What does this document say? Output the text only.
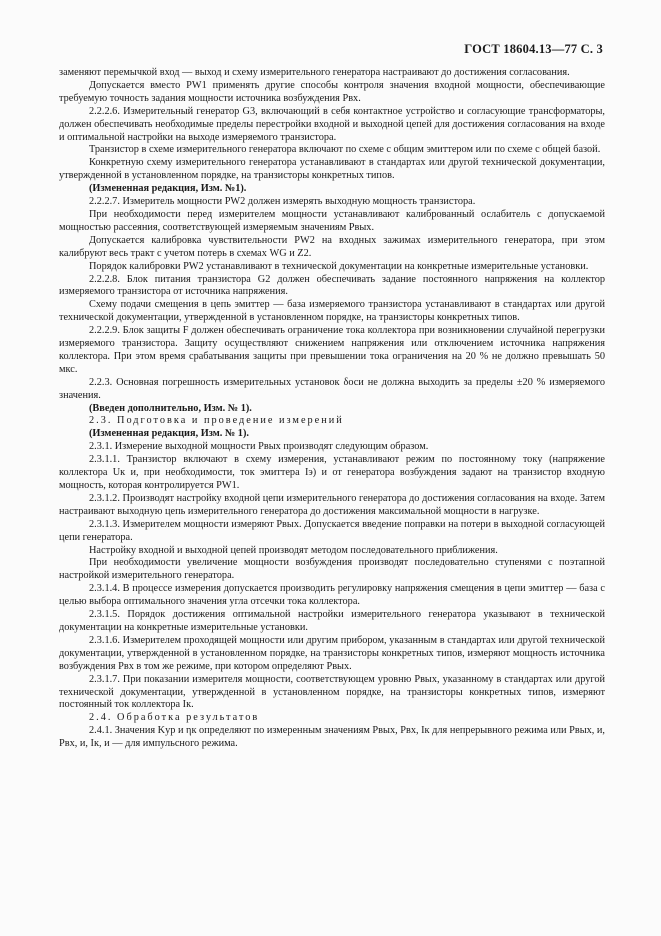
ГОСТ 18604.13—77 С. 3

заменяют перемычкой вход — выход и схему измерительного генератора настраивают до достижения согласования.

Допускается вместо PW1 применять другие способы контроля значения входной мощности, обеспечивающие требуемую точность задания мощности источника возбуждения Pвх.

2.2.2.6. Измерительный генератор G3, включающий в себя контактное устройство и согласующие трансформаторы, должен обеспечивать необходимые пределы перестройки входной и выходной цепей для достижения согласования на входе и оптимальной настройки на выходе измеряемого транзистора.

Транзистор в схеме измерительного генератора включают по схеме с общим эмиттером или по схеме с общей базой.

Конкретную схему измерительного генератора устанавливают в стандартах или другой технической документации, утвержденной в установленном порядке, на транзисторы конкретных типов.

(Измененная редакция, Изм. №1).

2.2.2.7. Измеритель мощности PW2 должен измерять выходную мощность транзистора.

При необходимости перед измерителем мощности устанавливают калиброванный ослабитель с допускаемой мощностью рассеяния, соответствующей измеряемым значениям Pвых.

Допускается калибровка чувствительности PW2 на входных зажимах измерительного генератора, при этом калибруют весь тракт с учетом потерь в схемах WG и Z2.

Порядок калибровки PW2 устанавливают в технической документации на конкретные измерительные установки.

2.2.2.8. Блок питания транзистора G2 должен обеспечивать задание постоянного напряжения на коллектор измеряемого транзистора от источника напряжения.

Схему подачи смещения в цепь эмиттер — база измеряемого транзистора устанавливают в стандартах или другой технической документации, утвержденной в установленном порядке, на транзисторы конкретных типов.

2.2.2.9. Блок защиты F должен обеспечивать ограничение тока коллектора при возникновении случайной перегрузки измеряемого транзистора. Защиту осуществляют снижением напряжения или отключением источника напряжения коллектора. При этом время срабатывания защиты при превышении тока ограничения на 20 % не должно превышать 50 мкс.

2.2.3. Основная погрешность измерительных установок δоси не должна выходить за пределы ±20 % измеряемого значения.

(Введен дополнительно, Изм. № 1).

2.3. Подготовка и проведение измерений

(Измененная редакция, Изм. № 1).

2.3.1. Измерение выходной мощности Pвых производят следующим образом.

2.3.1.1. Транзистор включают в схему измерения, устанавливают режим по постоянному току (напряжение коллектора Uк и, при необходимости, ток эмиттера Iэ) и от генератора возбуждения задают на транзистор входную мощность, которая контролируется PW1.

2.3.1.2. Производят настройку входной цепи измерительного генератора до достижения согласования на входе. Затем настраивают выходную цепь измерительного генератора до достижения максимальной мощности в нагрузке.

2.3.1.3. Измерителем мощности измеряют Pвых. Допускается введение поправки на потери в выходной согласующей цепи генератора.

Настройку входной и выходной цепей производят методом последовательного приближения.

При необходимости увеличение мощности возбуждения производят последовательно ступенями с поэтапной настройкой измерительного генератора.

2.3.1.4. В процессе измерения допускается производить регулировку напряжения смещения в цепи эмиттер — база с целью выбора оптимального значения угла отсечки тока коллектора.

2.3.1.5. Порядок достижения оптимальной настройки измерительного генератора указывают в технической документации на конкретные измерительные установки.

2.3.1.6. Измерителем проходящей мощности или другим прибором, указанным в стандартах или другой технической документации, утвержденной в установленном порядке, на транзисторы конкретных типов, измеряют мощность источника возбуждения Pвх в том же режиме, при котором определяют Pвых.

2.3.1.7. При показании измерителя мощности, соответствующем уровню Pвых, указанному в стандартах или другой технической документации, утвержденной в установленном порядке, на транзисторы конкретных типов, измеряют постоянный ток коллектора Iк.

2.4. Обработка результатов

2.4.1. Значения Kур и ηк определяют по измеренным значениям Pвых, Pвх, Iк для непрерывного режима или Pвых, и, Pвх, и, Iк, и — для импульсного режима.
